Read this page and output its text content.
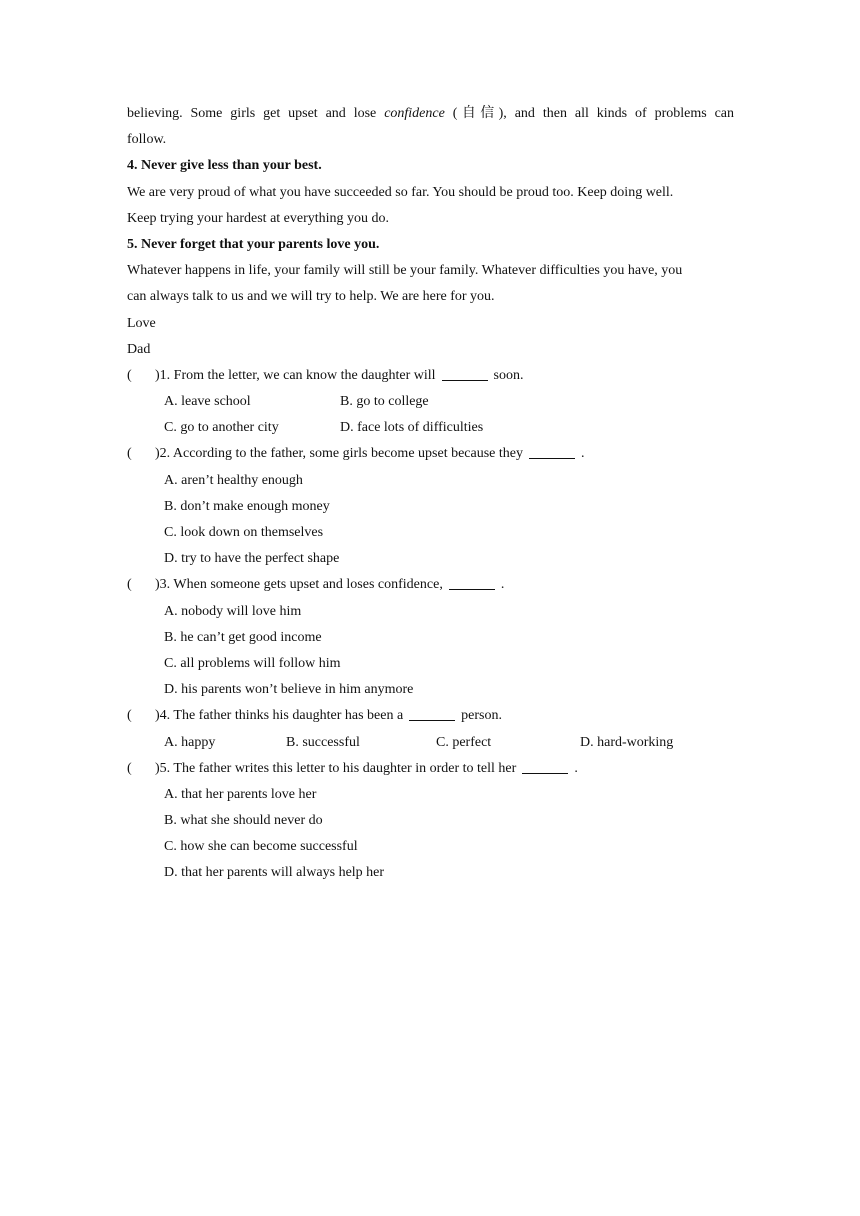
believing. Some girls get upset and lose confidence (自信), and then all kinds of problems can
follow.
4. Never give less than your best.
We are very proud of what you have succeeded so far. You should be proud too. Keep doing well.
Keep trying your hardest at everything you do.
5. Never forget that your parents love you.
Whatever happens in life, your family will still be your family. Whatever difficulties you have, you
can always talk to us and we will try to help. We are here for you.
Love
Dad
( )1. From the letter, we can know the daughter will	soon.
A. leave school	B. go to college
C. go to another city	D. face lots of difficulties
( )2. According to the father, some girls become upset because they	.
A. aren’t healthy enough
B. don’t make enough money
C. look down on themselves
D. try to have the perfect shape
( )3. When someone gets upset and loses confidence,	.
A. nobody will love him
B. he can’t get good income
C. all problems will follow him
D. his parents won’t believe in him anymore
( )4. The father thinks his daughter has been a	person.
A. happy	B. successful	C. perfect	D. hard-working
( )5. The father writes this letter to his daughter in order to tell her	.
A. that her parents love her
B. what she should never do
C. how she can become successful
D. that her parents will always help her
